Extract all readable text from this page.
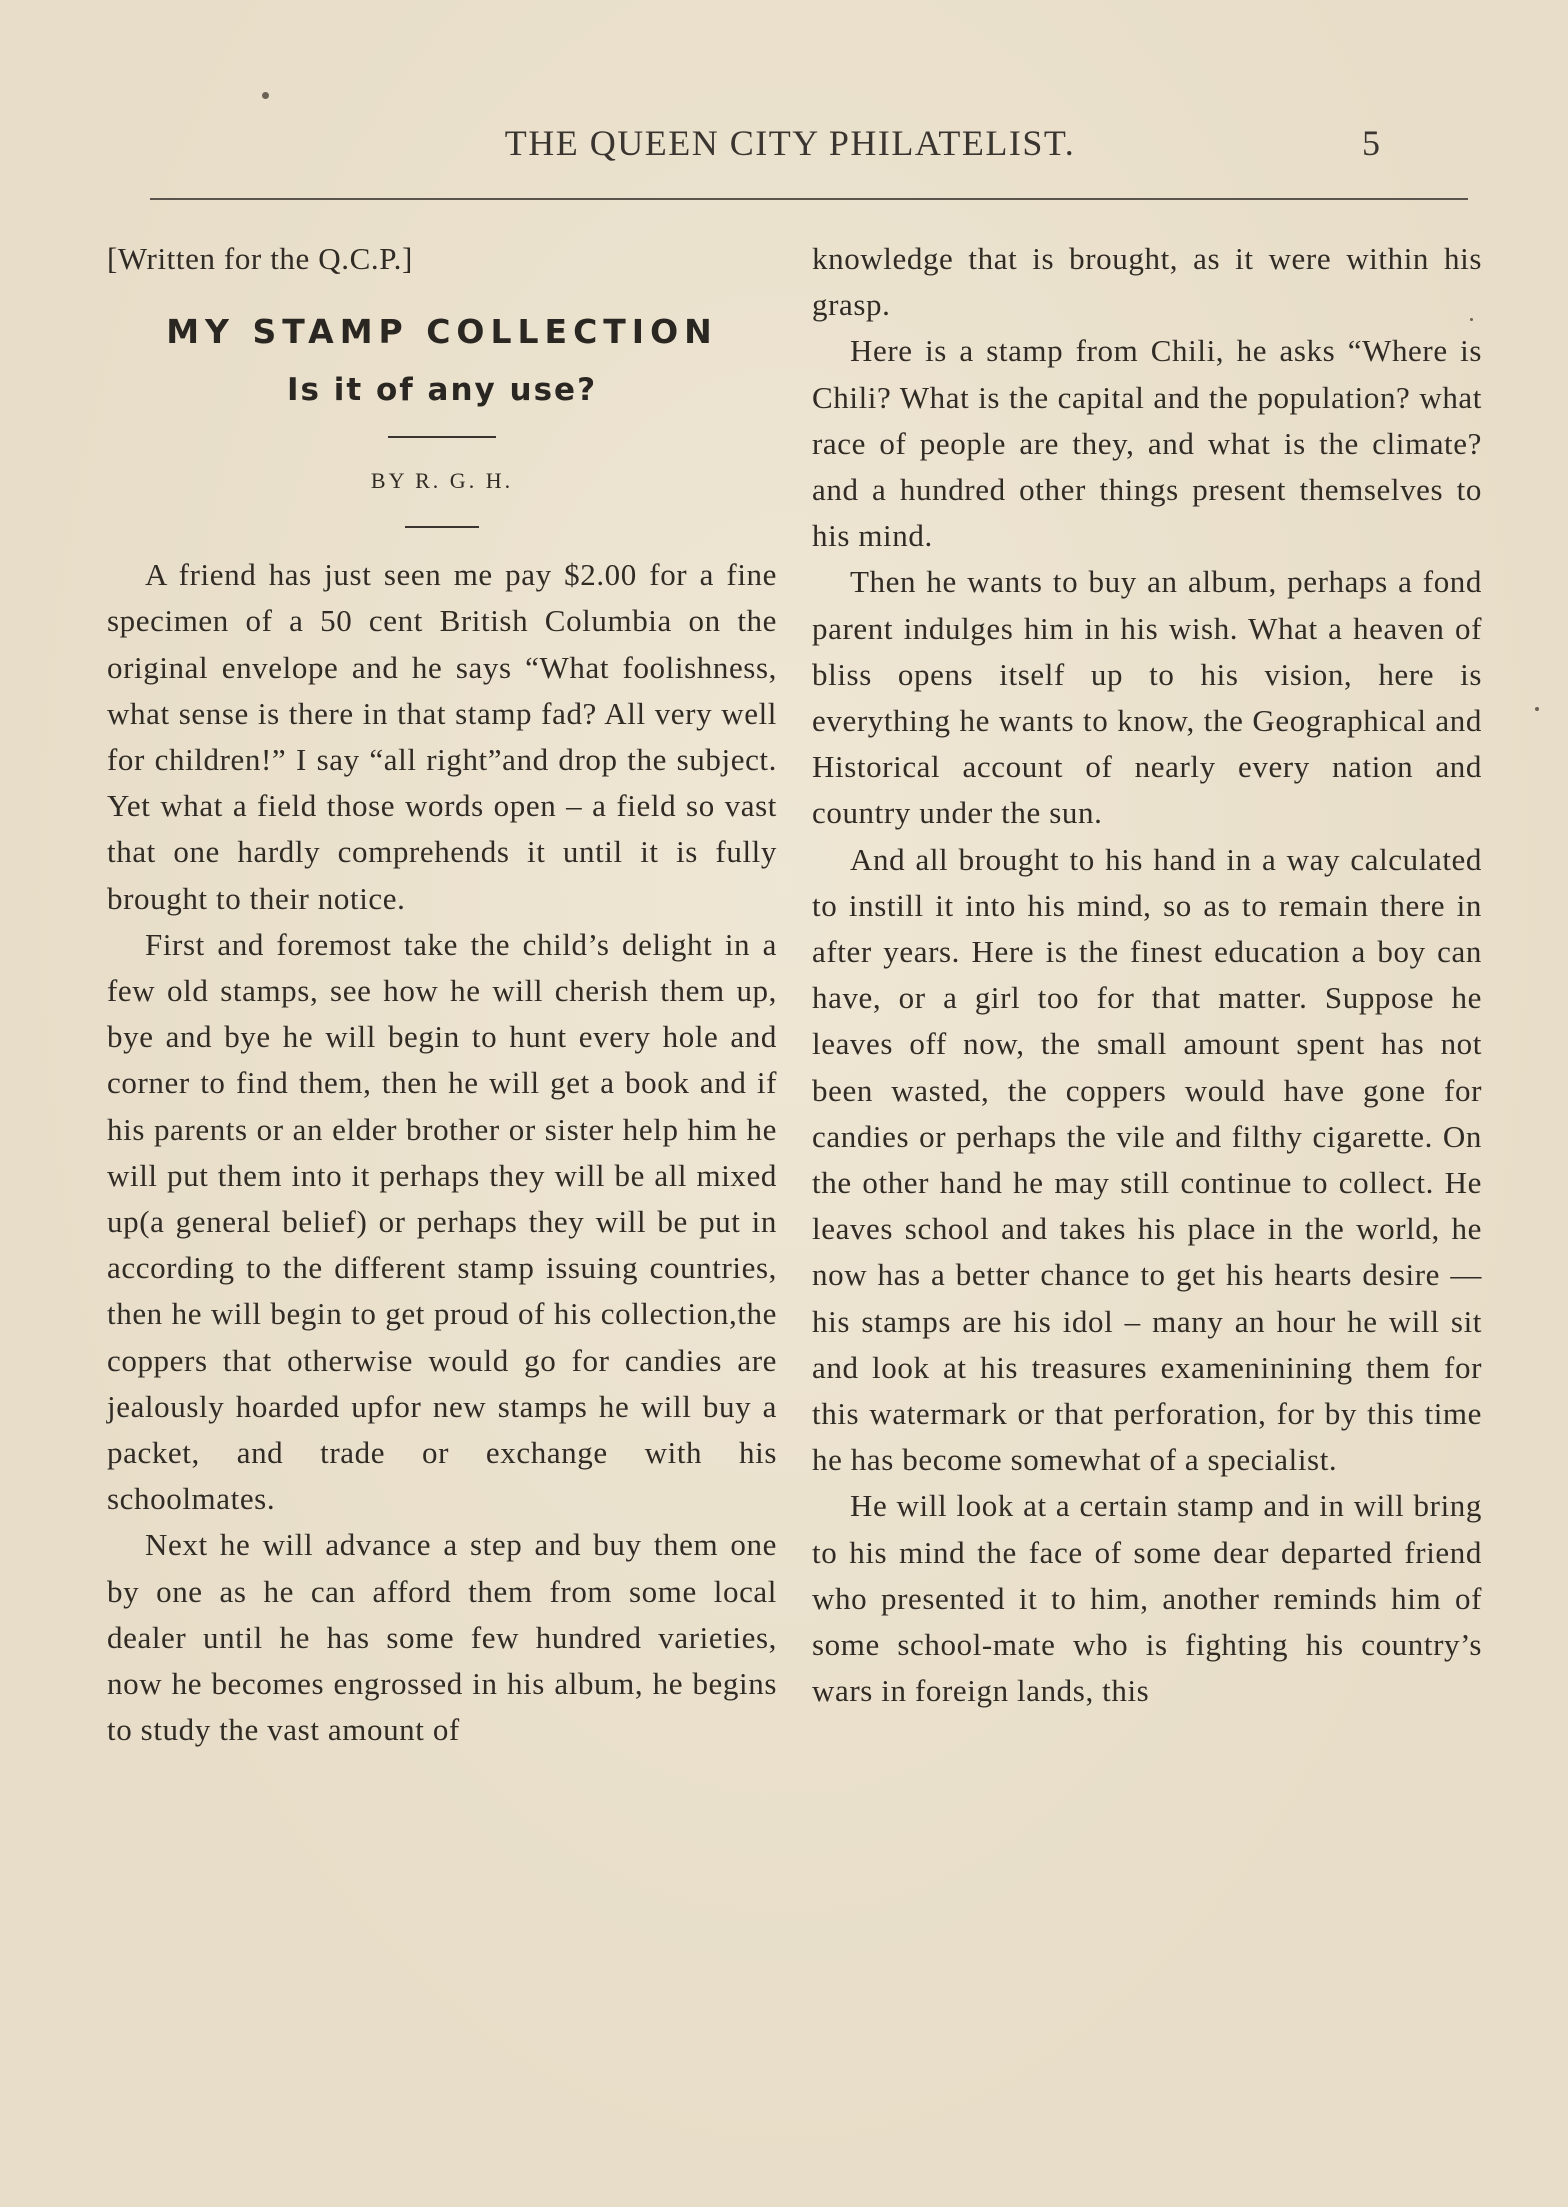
THE QUEEN CITY PHILATELIST.	5

[Written for the Q.C.P.]

MY STAMP COLLECTION
Is it of any use?
BY R. G. H.

A friend has just seen me pay $2.00 for a fine specimen of a 50 cent British Columbia on the original envelope and he says “What foolishness, what sense is there in that stamp fad? All very well for children!” I say “all right”and drop the subject. Yet what a field those words open – a field so vast that one hardly comprehends it until it is fully brought to their notice.

First and foremost take the child’s delight in a few old stamps, see how he will cherish them up, bye and bye he will begin to hunt every hole and corner to find them, then he will get a book and if his parents or an elder brother or sister help him he will put them into it perhaps they will be all mixed up(a general belief) or perhaps they will be put in according to the different stamp issuing countries, then he will begin to get proud of his collection,the coppers that otherwise would go for candies are jealously hoarded upfor new stamps he will buy a packet, and trade or exchange with his schoolmates.

Next he will advance a step and buy them one by one as he can afford them from some local dealer until he has some few hundred varieties, now he becomes engrossed in his album, he begins to study the vast amount of

knowledge that is brought, as it were within his grasp.

Here is a stamp from Chili, he asks “Where is Chili? What is the capital and the population? what race of people are they, and what is the climate? and a hundred other things present themselves to his mind.

Then he wants to buy an album, perhaps a fond parent indulges him in his wish. What a heaven of bliss opens itself up to his vision, here is everything he wants to know, the Geographical and Historical account of nearly every nation and country under the sun.

And all brought to his hand in a way calculated to instill it into his mind, so as to remain there in after years. Here is the finest education a boy can have, or a girl too for that matter. Suppose he leaves off now, the small amount spent has not been wasted, the coppers would have gone for candies or perhaps the vile and filthy cigarette. On the other hand he may still continue to collect. He leaves school and takes his place in the world, he now has a better chance to get his hearts desire — his stamps are his idol – many an hour he will sit and look at his treasures exameninining them for this watermark or that perforation, for by this time he has become somewhat of a specialist.

He will look at a certain stamp and in will bring to his mind the face of some dear departed friend who presented it to him, another reminds him of some school-mate who is fighting his country’s wars in foreign lands, this
